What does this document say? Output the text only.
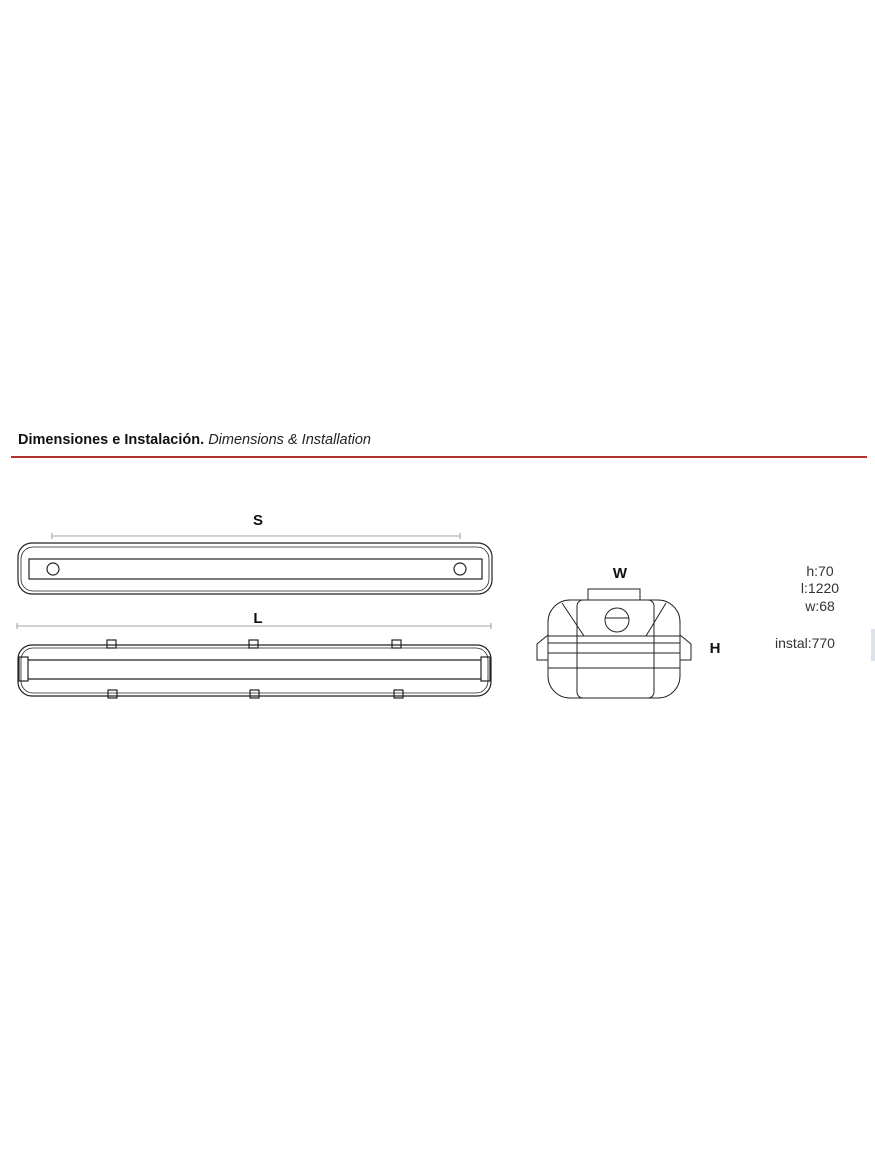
Dimensiones e Instalación. Dimensions & Installation
S
L
W
H
h:70
l:1220
w:68
instal:770
